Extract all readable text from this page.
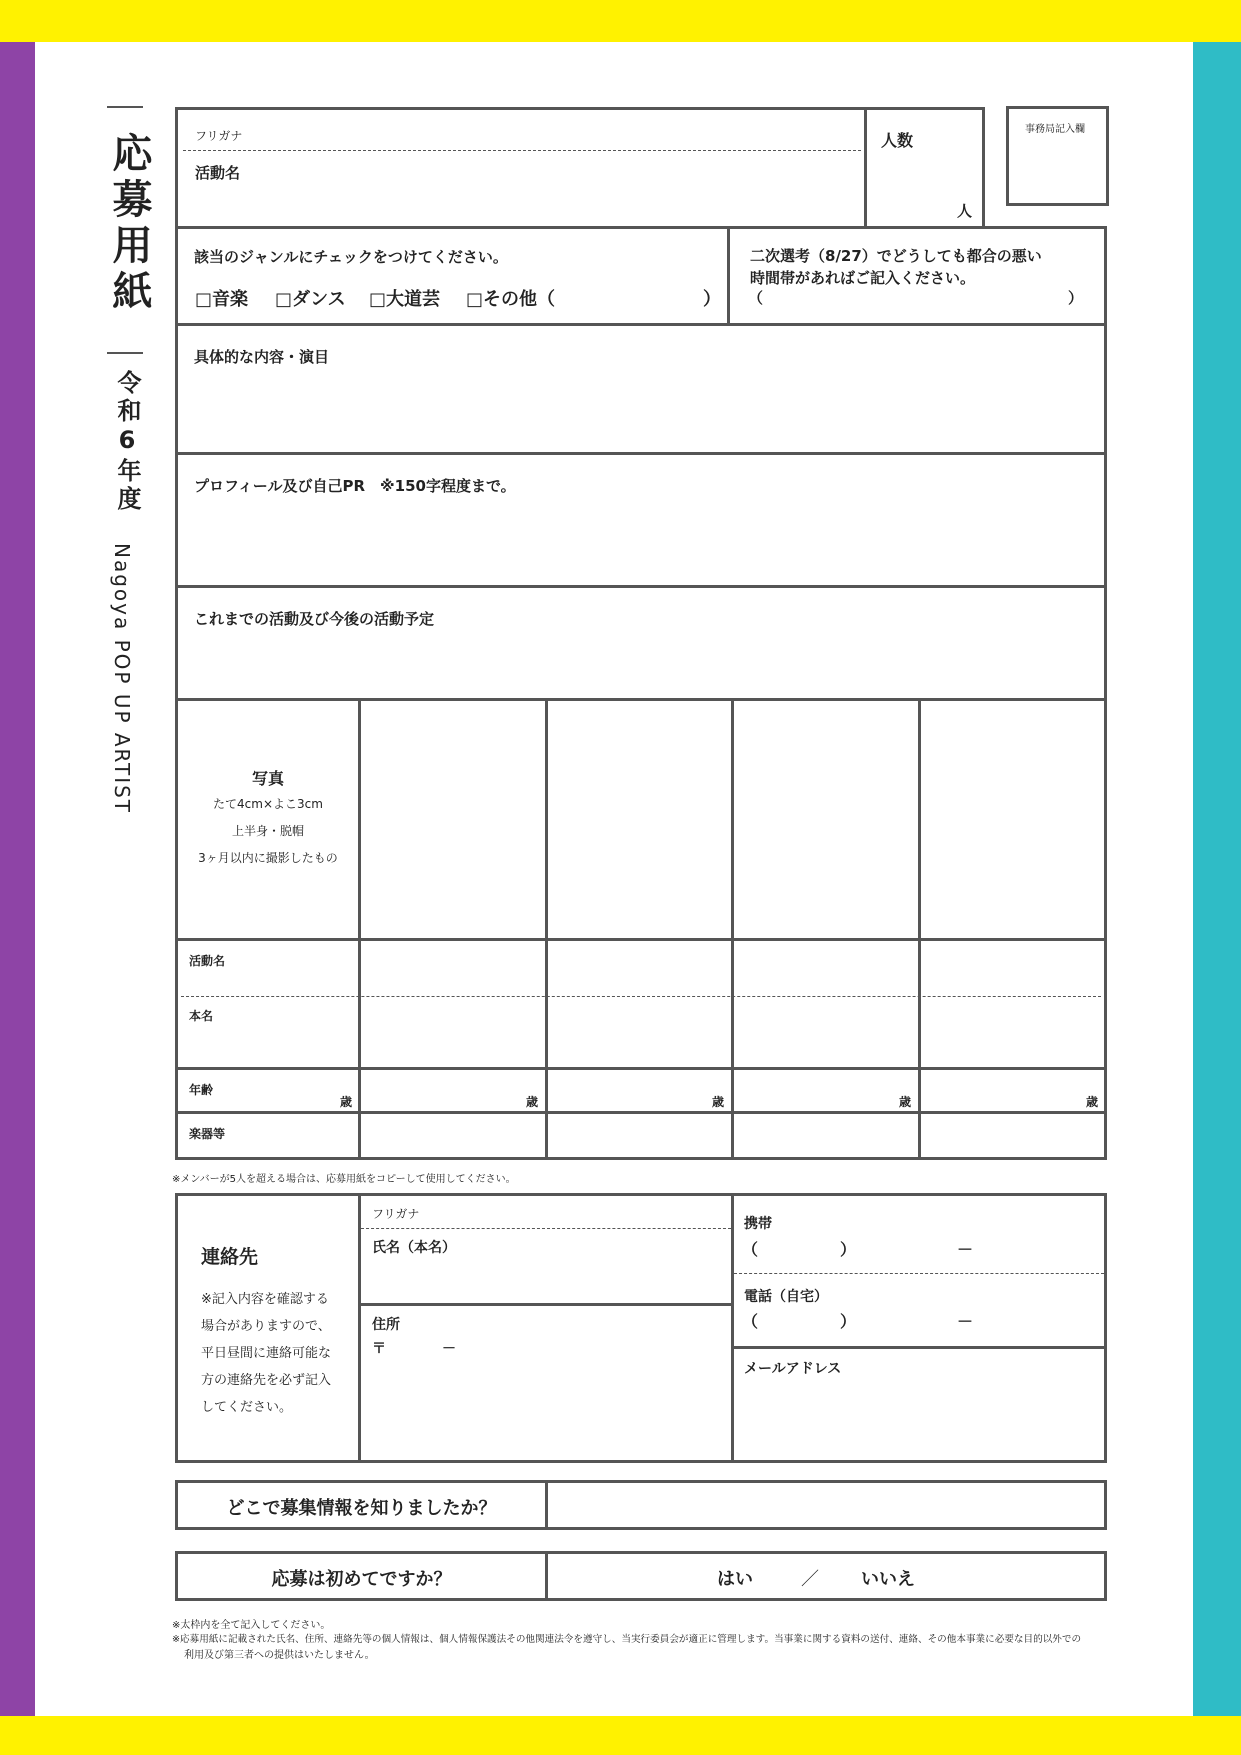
応募用紙
令和6年度
Nagoya POP UP ARTIST
フリガナ
活動名
人数
人
事務局記入欄
該当のジャンルにチェックをつけてください。
□音楽 □ダンス □大道芸 □その他（	）
二次選考（8/27）でどうしても都合の悪い
時間帯があればご記入ください。
（	）
具体的な内容・演目
プロフィール及び自己PR　※150字程度まで。
これまでの活動及び今後の活動予定
写真
たて4cm×よこ3cm
上半身・脱帽
3ヶ月以内に撮影したもの
活動名
本名
年齢
歳	歳	歳	歳	歳
楽器等
※メンバーが5人を超える場合は、応募用紙をコピーして使用してください。
連絡先
※記入内容を確認する
場合がありますので、
平日昼間に連絡可能な
方の連絡先を必ず記入
してください。
フリガナ
氏名（本名）
住所
〒	－
携帯
（	）	－
電話（自宅）
（	）	－
メールアドレス
どこで募集情報を知りましたか？
応募は初めてですか？	はい	／ いいえ
※太枠内を全て記入してください。
※応募用紙に記載された氏名、住所、連絡先等の個人情報は、個人情報保護法その他関連法令を遵守し、当実行委員会が適正に管理します。当事業に関する資料の送付、連絡、その他本事業に必要な目的以外での
利用及び第三者への提供はいたしません。
